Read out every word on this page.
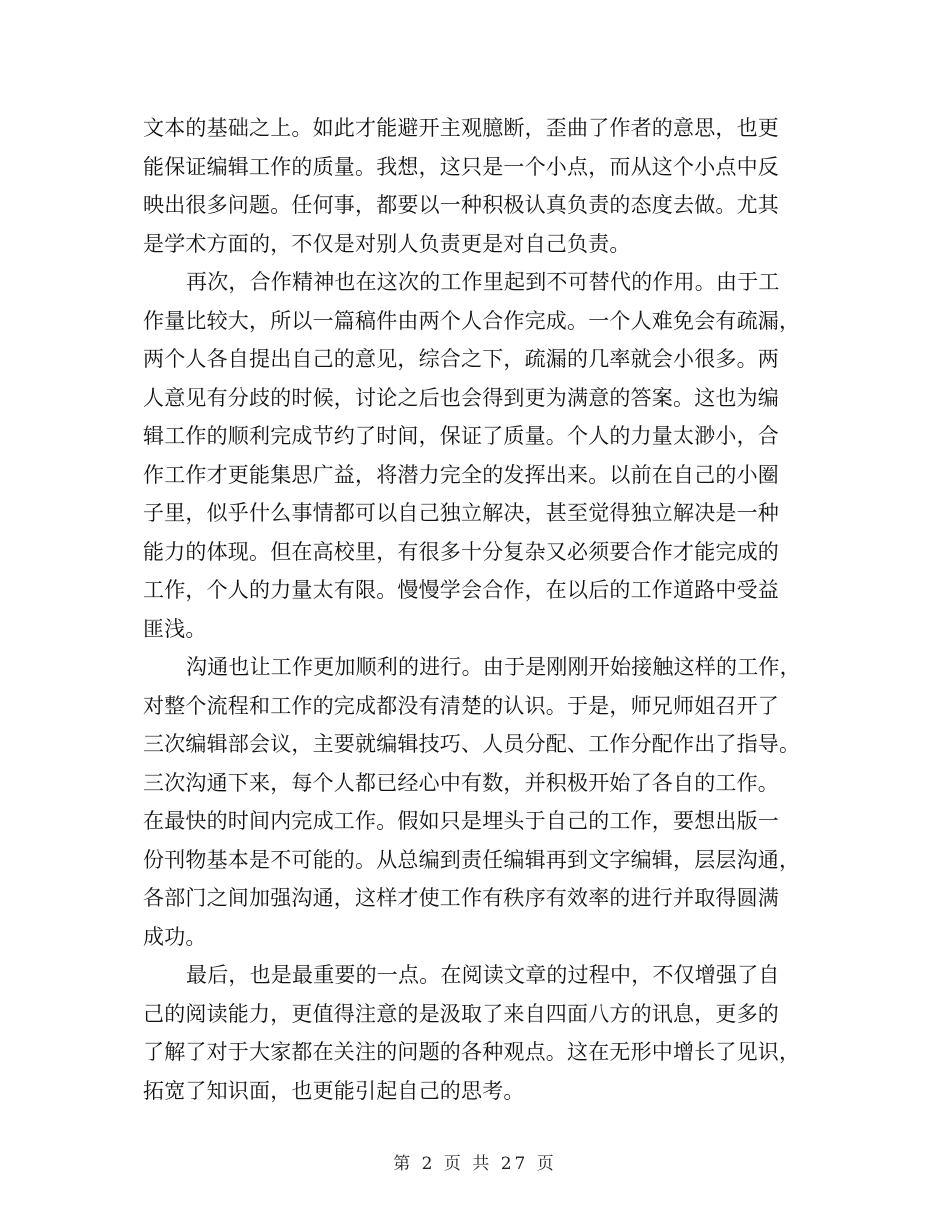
文本的基础之上。如此才能避开主观臆断，歪曲了作者的意思，也更
能保证编辑工作的质量。我想，这只是一个小点，而从这个小点中反
映出很多问题。任何事，都要以一种积极认真负责的态度去做。尤其
是学术方面的，不仅是对别人负责更是对自己负责。
再次，合作精神也在这次的工作里起到不可替代的作用。由于工
作量比较大，所以一篇稿件由两个人合作完成。一个人难免会有疏漏，
两个人各自提出自己的意见，综合之下，疏漏的几率就会小很多。两
人意见有分歧的时候，讨论之后也会得到更为满意的答案。这也为编
辑工作的顺利完成节约了时间，保证了质量。个人的力量太渺小，合
作工作才更能集思广益，将潜力完全的发挥出来。以前在自己的小圈
子里，似乎什么事情都可以自己独立解决，甚至觉得独立解决是一种
能力的体现。但在高校里，有很多十分复杂又必须要合作才能完成的
工作，个人的力量太有限。慢慢学会合作，在以后的工作道路中受益
匪浅。
沟通也让工作更加顺利的进行。由于是刚刚开始接触这样的工作，
对整个流程和工作的完成都没有清楚的认识。于是，师兄师姐召开了
三次编辑部会议，主要就编辑技巧、人员分配、工作分配作出了指导。
三次沟通下来，每个人都已经心中有数，并积极开始了各自的工作。
在最快的时间内完成工作。假如只是埋头于自己的工作，要想出版一
份刊物基本是不可能的。从总编到责任编辑再到文字编辑，层层沟通，
各部门之间加强沟通，这样才使工作有秩序有效率的进行并取得圆满
成功。
最后，也是最重要的一点。在阅读文章的过程中，不仅增强了自
己的阅读能力，更值得注意的是汲取了来自四面八方的讯息，更多的
了解了对于大家都在关注的问题的各种观点。这在无形中增长了见识，
拓宽了知识面，也更能引起自己的思考。
第 2 页 共 27 页
